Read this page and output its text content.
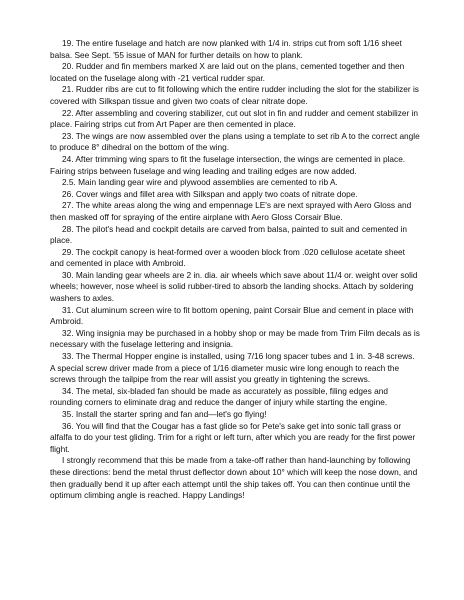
19. The entire fuselage and hatch are now planked with 1/4 in. strips cut from soft 1/16 sheet balsa. See Sept. '55 issue of MAN for further details on how to plank.

20. Rudder and fin members marked X are laid out on the plans, cemented together and then located on the fuselage along with -21 vertical rudder spar.

21. Rudder ribs are cut to fit following which the entire rudder including the slot for the stabilizer is covered with Silkspan tissue and given two coats of clear nitrate dope.

22. After assembling and covering stabilizer, cut out slot in fin and rudder and cement stabilizer in place. Fairing strips cut from Art Paper are then cemented in place.

23. The wings are now assembled over the plans using a template to set rib A to the correct angle to produce 8° dihedral on the bottom of the wing.

24. After trimming wing spars to fit the fuselage intersection, the wings are cemented in place. Fairing strips between fuselage and wing leading and trailing edges are now added.

2.5. Main landing gear wire and plywood assemblies are cemented to rib A.

26. Cover wings and fillet area with Silkspan and apply two coats of nitrate dope.

27. The white areas along the wing and empennage LE's are next sprayed with Aero Gloss and then masked off for spraying of the entire airplane with Aero Gloss Corsair Blue.

28. The pilot's head and cockpit details are carved from balsa, painted to suit and cemented in place.

29. The cockpit canopy is heat-formed over a wooden block from .020 cellulose acetate sheet and cemented in place with Ambroid.

30. Main landing gear wheels are 2 in. dia. air wheels which save about 11/4 or. weight over solid wheels; however, nose wheel is solid rubber-tired to absorb the landing shocks. Attach by soldering washers to axles.

31. Cut aluminum screen wire to fit bottom opening, paint Corsair Blue and cement in place with Ambroid.

32. Wing insignia may be purchased in a hobby shop or may be made from Trim Film decals as is necessary with the fuselage lettering and insignia.

33. The Thermal Hopper engine is installed, using 7/16 long spacer tubes and 1 in. 3-48 screws. A special screw driver made from a piece of 1/16 diameter music wire long enough to reach the screws through the tailpipe from the rear will assist you greatly in tightening the screws.

34. The metal, six-bladed fan should be made as accurately as possible, filing edges and rounding corners to eliminate drag and reduce the danger of injury while starting the engine.

35. Install the starter spring and fan and—let's go flying!

36. You will find that the Cougar has a fast glide so for Pete's sake get into sonic tall grass or alfalfa to do your test gliding. Trim for a right or left turn, after which you are ready for the first power flight.

I strongly recommend that this be made from a take-off rather than hand-launching by following these directions: bend the metal thrust deflector down about 10° which will keep the nose down, and then gradually bend it up after each attempt until the ship takes off. You can then continue until the optimum climbing angle is reached. Happy Landings!
